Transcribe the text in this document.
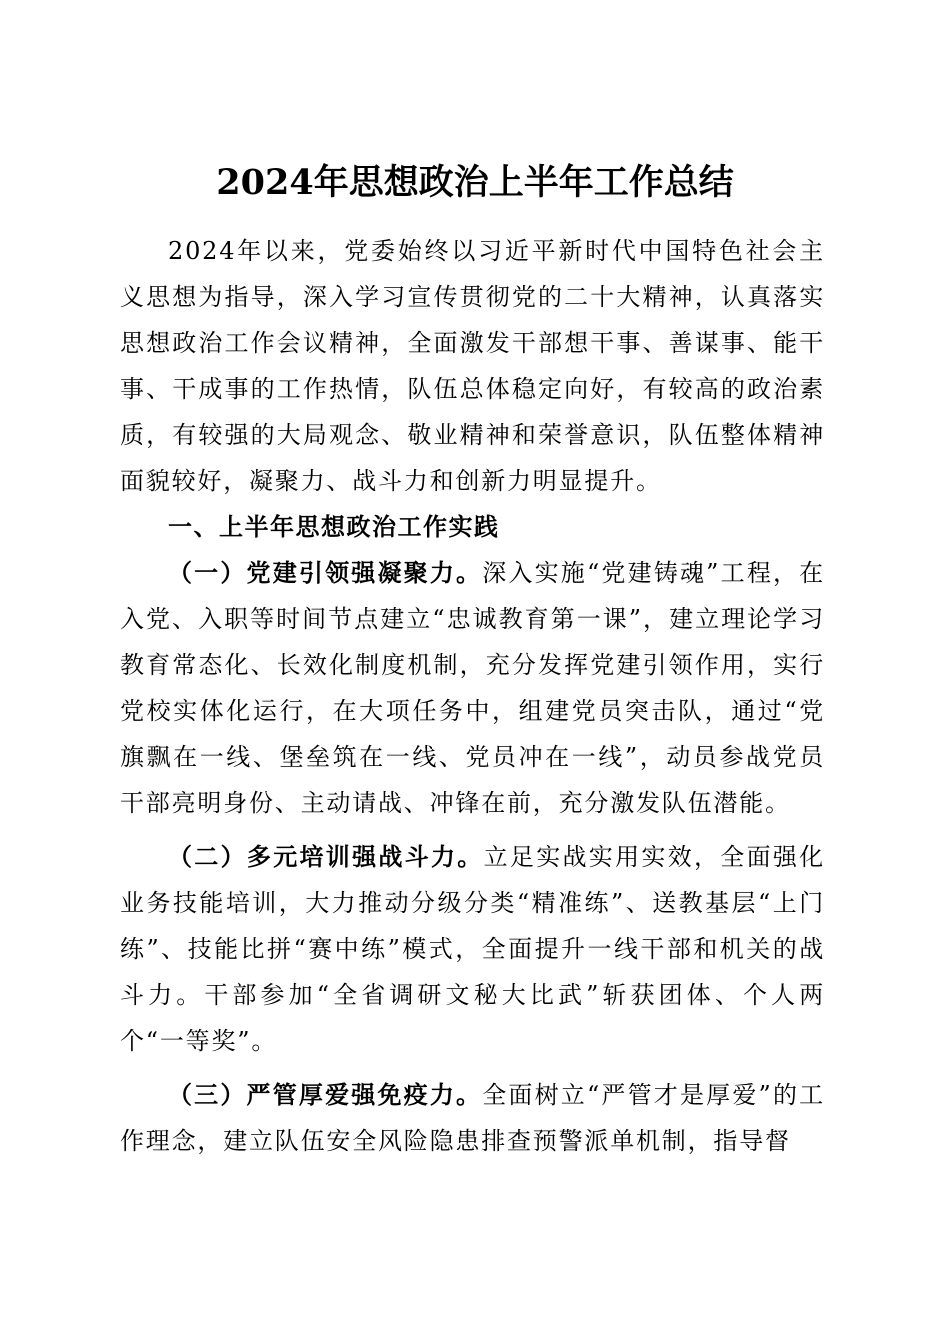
2024年思想政治上半年工作总结

2024年以来，党委始终以习近平新时代中国特色社会主义思想为指导，深入学习宣传贯彻党的二十大精神，认真落实思想政治工作会议精神，全面激发干部想干事、善谋事、能干事、干成事的工作热情，队伍总体稳定向好，有较高的政治素质，有较强的大局观念、敬业精神和荣誉意识，队伍整体精神面貌较好，凝聚力、战斗力和创新力明显提升。

一、上半年思想政治工作实践

（一）党建引领强凝聚力。深入实施“党建铸魂”工程，在入党、入职等时间节点建立“忠诚教育第一课”，建立理论学习教育常态化、长效化制度机制，充分发挥党建引领作用，实行党校实体化运行，在大项任务中，组建党员突击队，通过“党旗飘在一线、堡垒筑在一线、党员冲在一线”，动员参战党员干部亮明身份、主动请战、冲锋在前，充分激发队伍潜能。

（二）多元培训强战斗力。立足实战实用实效，全面强化业务技能培训，大力推动分级分类“精准练”、送教基层“上门练”、技能比拼“赛中练”模式，全面提升一线干部和机关的战斗力。干部参加“全省调研文秘大比武”斩获团体、个人两个“一等奖”。

（三）严管厚爱强免疫力。全面树立“严管才是厚爱”的工作理念，建立队伍安全风险隐患排查预警派单机制，指导督
